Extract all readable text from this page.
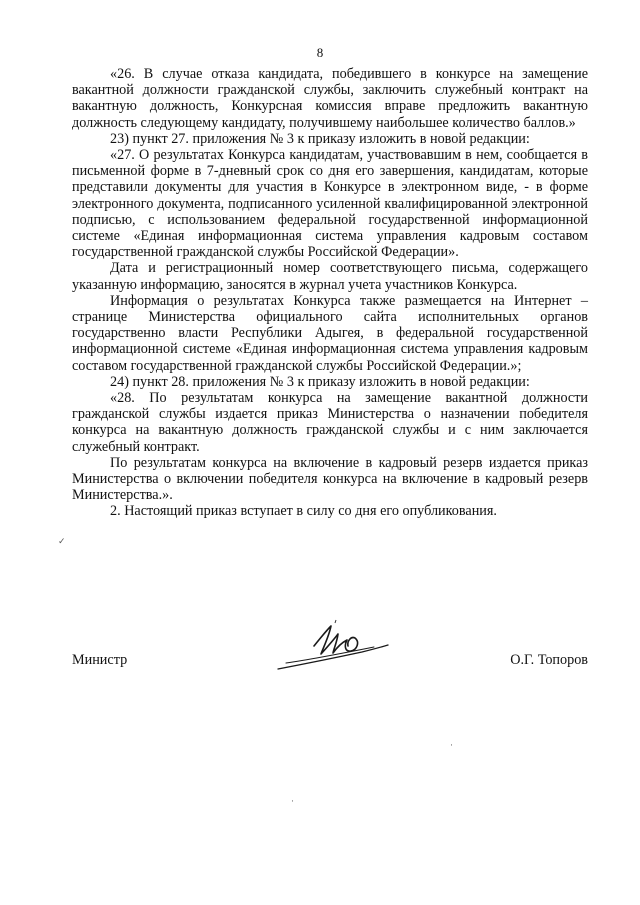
8

«26. В случае отказа кандидата, победившего в конкурсе на замещение вакантной должности гражданской службы, заключить служебный контракт на вакантную должность, Конкурсная комиссия вправе предложить вакантную должность следующему кандидату, получившему наибольшее количество баллов.»

23) пункт 27. приложения № 3 к приказу изложить в новой редакции:

«27. О результатах Конкурса кандидатам, участвовавшим в нем, сообщается в письменной форме в 7-дневный срок со дня его завершения, кандидатам, которые представили документы для участия в Конкурсе в электронном виде, - в форме электронного документа, подписанного усиленной квалифицированной электронной подписью, с использованием федеральной государственной информационной системе «Единая информационная система управления кадровым составом государственной гражданской службы Российской Федерации».

Дата и регистрационный номер соответствующего письма, содержащего указанную информацию, заносятся в журнал учета участников Конкурса.

Информация о результатах Конкурса также размещается на Интернет – странице Министерства официального сайта исполнительных органов государственно власти Республики Адыгея, в федеральной государственной информационной системе «Единая информационная система управления кадровым составом государственной гражданской службы Российской Федерации.»;

24) пункт 28. приложения № 3 к приказу изложить в новой редакции:

«28. По результатам конкурса на замещение вакантной должности гражданской службы издается приказ Министерства о назначении победителя конкурса на вакантную должность гражданской службы и с ним заключается служебный контракт.

По результатам конкурса на включение в кадровый резерв издается приказ Министерства о включении победителя конкурса на включение в кадровый резерв Министерства.».

2. Настоящий приказ вступает в силу со дня его опубликования.

Министр	О.Г. Топоров
✓
·
·
